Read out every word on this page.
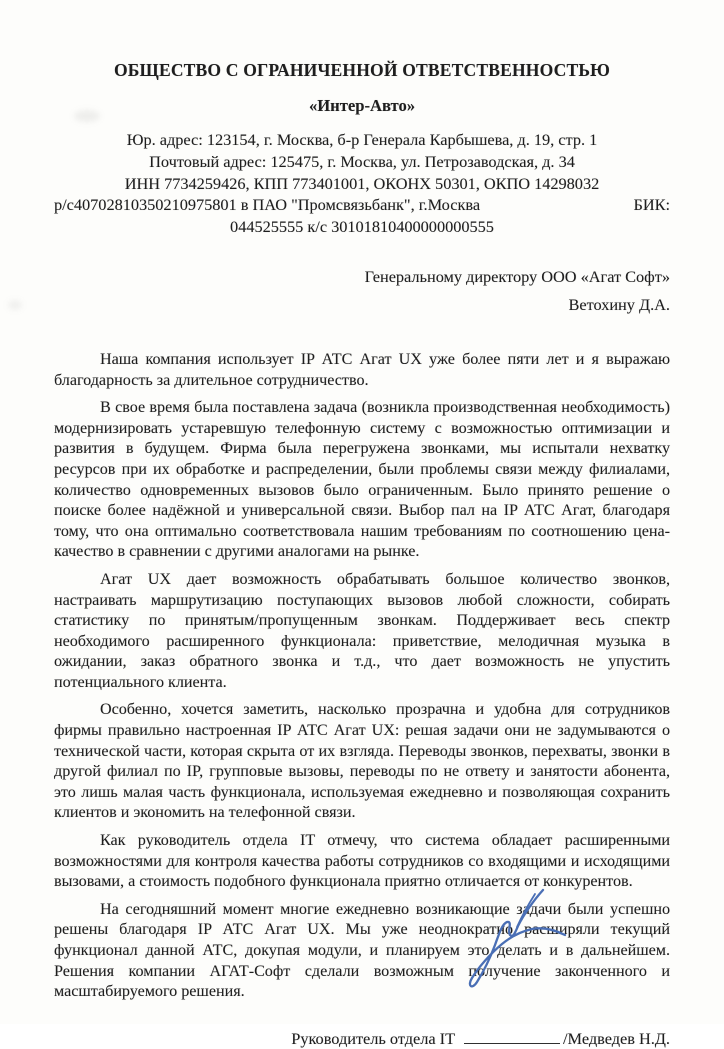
ОБЩЕСТВО С ОГРАНИЧЕННОЙ ОТВЕТСТВЕННОСТЬЮ
«Интер-Авто»
Юр. адрес: 123154, г. Москва, б-р Генерала Карбышева, д. 19, стр. 1
Почтовый адрес: 125475, г. Москва, ул. Петрозаводская, д. 34
ИНН 7734259426, КПП 773401001, ОКОНХ 50301, ОКПО 14298032
р/с40702810350210975801 в ПАО "Промсвязьбанк", г.Москва	БИК:
044525555 к/с 30101810400000000555
Генеральному директору ООО «Агат Софт»
Ветохину Д.А.

Наша компания использует IP АТС Агат UX уже более пяти лет и я выражаю благодарность за длительное сотрудничество.

В свое время была поставлена задача (возникла производственная необходимость) модернизировать устаревшую телефонную систему с возможностью оптимизации и развития в будущем. Фирма была перегружена звонками, мы испытали нехватку ресурсов при их обработке и распределении, были проблемы связи между филиалами, количество одновременных вызовов было ограниченным. Было принято решение о поиске более надёжной и универсальной связи. Выбор пал на IP АТС Агат, благодаря тому, что она оптимально соответствовала нашим требованиям по соотношению цена-качество в сравнении с другими аналогами на рынке.

Агат UX дает возможность обрабатывать большое количество звонков, настраивать маршрутизацию поступающих вызовов любой сложности, собирать статистику по принятым/пропущенным звонкам. Поддерживает весь спектр необходимого расширенного функционала: приветствие, мелодичная музыка в ожидании, заказ обратного звонка и т.д., что дает возможность не упустить потенциального клиента.

Особенно, хочется заметить, насколько прозрачна и удобна для сотрудников фирмы правильно настроенная IP АТС Агат UX: решая задачи они не задумываются о технической части, которая скрыта от их взгляда. Переводы звонков, перехваты, звонки в другой филиал по IP, групповые вызовы, переводы по не ответу и занятости абонента, это лишь малая часть функционала, используемая ежедневно и позволяющая сохранить клиентов и экономить на телефонной связи.

Как руководитель отдела IT отмечу, что система обладает расширенными возможностями для контроля качества работы сотрудников со входящими и исходящими вызовами, а стоимость подобного функционала приятно отличается от конкурентов.

На сегодняшний момент многие ежедневно возникающие задачи были успешно решены благодаря IP АТС Агат UX. Мы уже неоднократно расширяли текущий функционал данной АТС, докупая модули, и планируем это делать и в дальнейшем. Решения компании АГАТ-Софт сделали возможным получение законченного и масштабируемого решения.

Руководитель отдела IT	/Медведев Н.Д.
